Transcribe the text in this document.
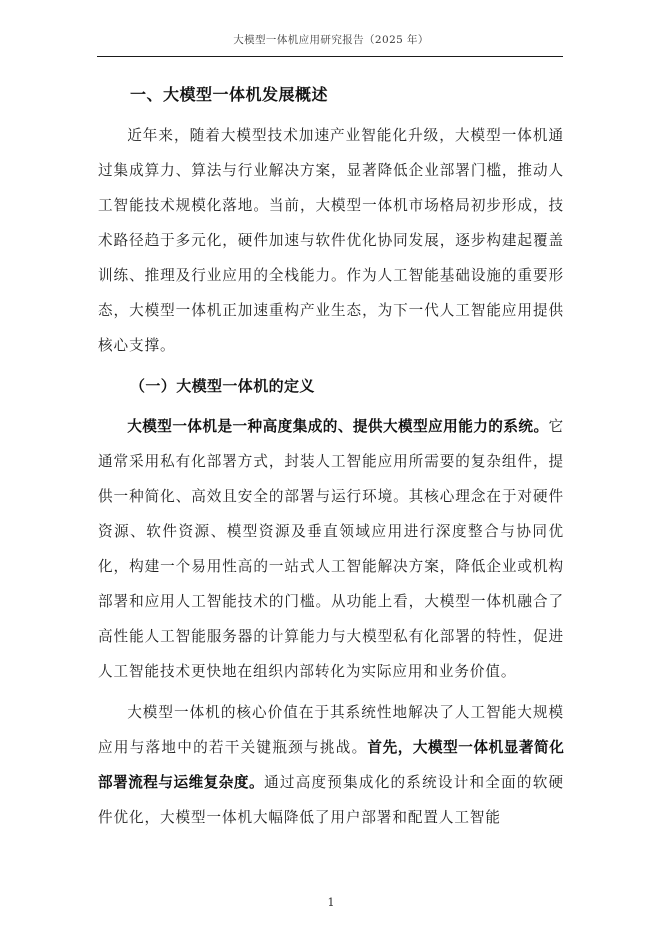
大模型一体机应用研究报告（2025 年）
一、大模型一体机发展概述

近年来，随着大模型技术加速产业智能化升级，大模型一体机通过集成算力、算法与行业解决方案，显著降低企业部署门槛，推动人工智能技术规模化落地。当前，大模型一体机市场格局初步形成，技术路径趋于多元化，硬件加速与软件优化协同发展，逐步构建起覆盖训练、推理及行业应用的全栈能力。作为人工智能基础设施的重要形态，大模型一体机正加速重构产业生态，为下一代人工智能应用提供核心支撑。

（一）大模型一体机的定义

大模型一体机是一种高度集成的、提供大模型应用能力的系统。它通常采用私有化部署方式，封装人工智能应用所需要的复杂组件，提供一种简化、高效且安全的部署与运行环境。其核心理念在于对硬件资源、软件资源、模型资源及垂直领域应用进行深度整合与协同优化，构建一个易用性高的一站式人工智能解决方案，降低企业或机构部署和应用人工智能技术的门槛。从功能上看，大模型一体机融合了高性能人工智能服务器的计算能力与大模型私有化部署的特性，促进人工智能技术更快地在组织内部转化为实际应用和业务价值。

大模型一体机的核心价值在于其系统性地解决了人工智能大规模应用与落地中的若干关键瓶颈与挑战。首先，大模型一体机显著简化部署流程与运维复杂度。通过高度预集成化的系统设计和全面的软硬件优化，大模型一体机大幅降低了用户部署和配置人工智能

1
